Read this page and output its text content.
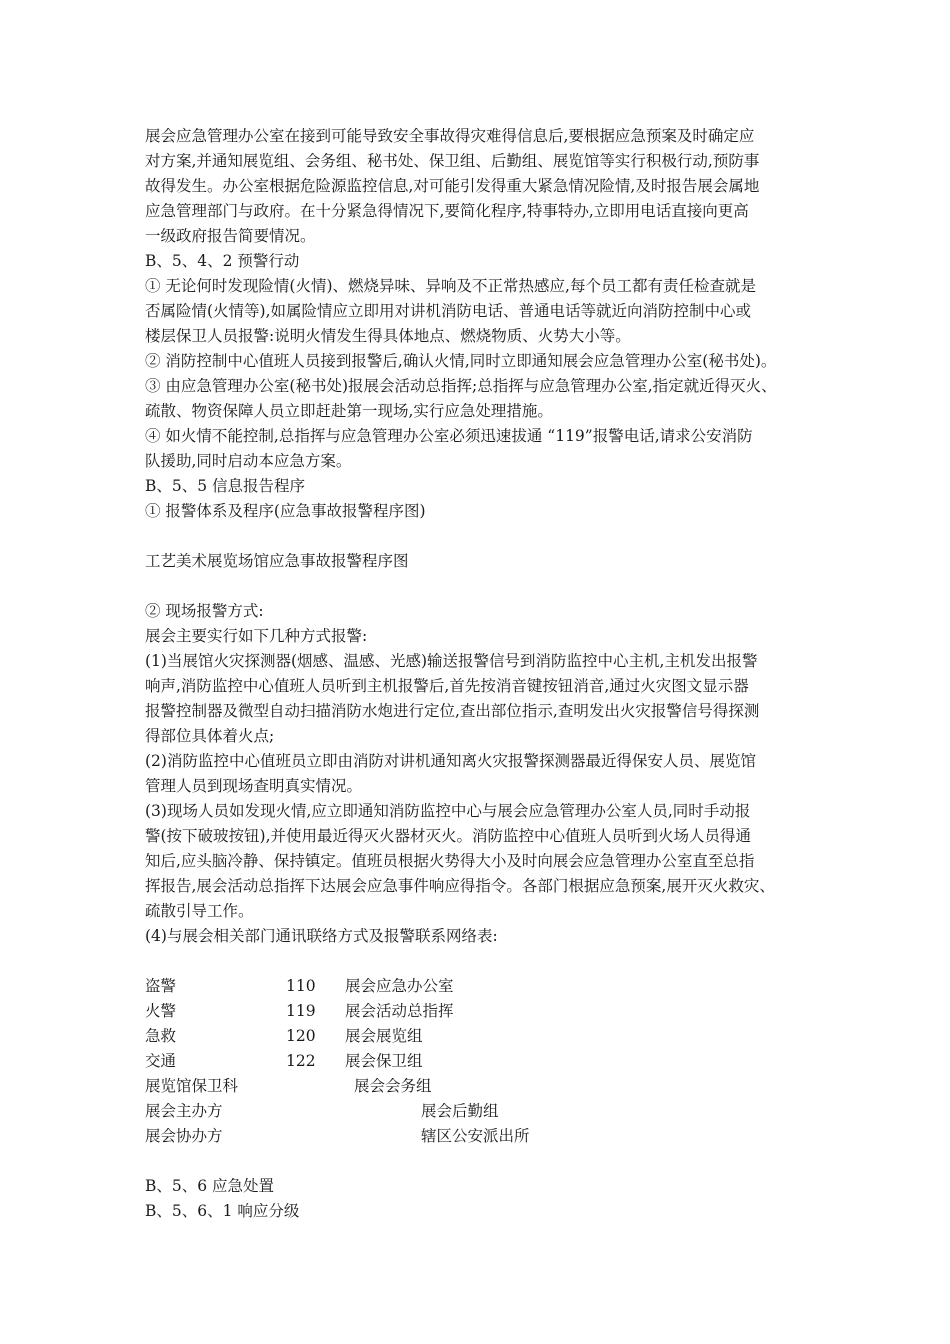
展会应急管理办公室在接到可能导致安全事故得灾难得信息后,要根据应急预案及时确定应
对方案,并通知展览组、会务组、秘书处、保卫组、后勤组、展览馆等实行积极行动,预防事
故得发生。办公室根据危险源监控信息,对可能引发得重大紧急情况险情,及时报告展会属地
应急管理部门与政府。在十分紧急得情况下,要简化程序,特事特办,立即用电话直接向更高
一级政府报告简要情况。
B、5、4、2 预警行动
① 无论何时发现险情(火情)、燃烧异味、异响及不正常热感应,每个员工都有责任检查就是
否属险情(火情等),如属险情应立即用对讲机消防电话、普通电话等就近向消防控制中心或
楼层保卫人员报警:说明火情发生得具体地点、燃烧物质、火势大小等。
② 消防控制中心值班人员接到报警后,确认火情,同时立即通知展会应急管理办公室(秘书处)。
③ 由应急管理办公室(秘书处)报展会活动总指挥;总指挥与应急管理办公室,指定就近得灭火、
疏散、物资保障人员立即赶赴第一现场,实行应急处理措施。
④ 如火情不能控制,总指挥与应急管理办公室必须迅速拔通 “119”报警电话,请求公安消防
队援助,同时启动本应急方案。
B、5、5 信息报告程序
① 报警体系及程序(应急事故报警程序图)
工艺美术展览场馆应急事故报警程序图
② 现场报警方式:
展会主要实行如下几种方式报警:
(1)当展馆火灾探测器(烟感、温感、光感)输送报警信号到消防监控中心主机,主机发出报警
响声,消防监控中心值班人员听到主机报警后,首先按消音键按钮消音,通过火灾图文显示器
报警控制器及微型自动扫描消防水炮进行定位,查出部位指示,查明发出火灾报警信号得探测
得部位具体着火点;
(2)消防监控中心值班员立即由消防对讲机通知离火灾报警探测器最近得保安人员、展览馆
管理人员到现场查明真实情况。
(3)现场人员如发现火情,应立即通知消防监控中心与展会应急管理办公室人员,同时手动报
警(按下破玻按钮),并使用最近得灭火器材灭火。消防监控中心值班人员听到火场人员得通
知后,应头脑冷静、保持镇定。值班员根据火势得大小及时向展会应急管理办公室直至总指
挥报告,展会活动总指挥下达展会应急事件响应得指令。各部门根据应急预案,展开灭火救灾、
疏散引导工作。
(4)与展会相关部门通讯联络方式及报警联系网络表:
盗警	110 展会应急办公室
火警	119 展会活动总指挥
急救	120 展会展览组
交通	122 展会保卫组
展览馆保卫科	展会会务组
展会主办方	展会后勤组
展会协办方	辖区公安派出所
B、5、6 应急处置
B、5、6、1 响应分级
